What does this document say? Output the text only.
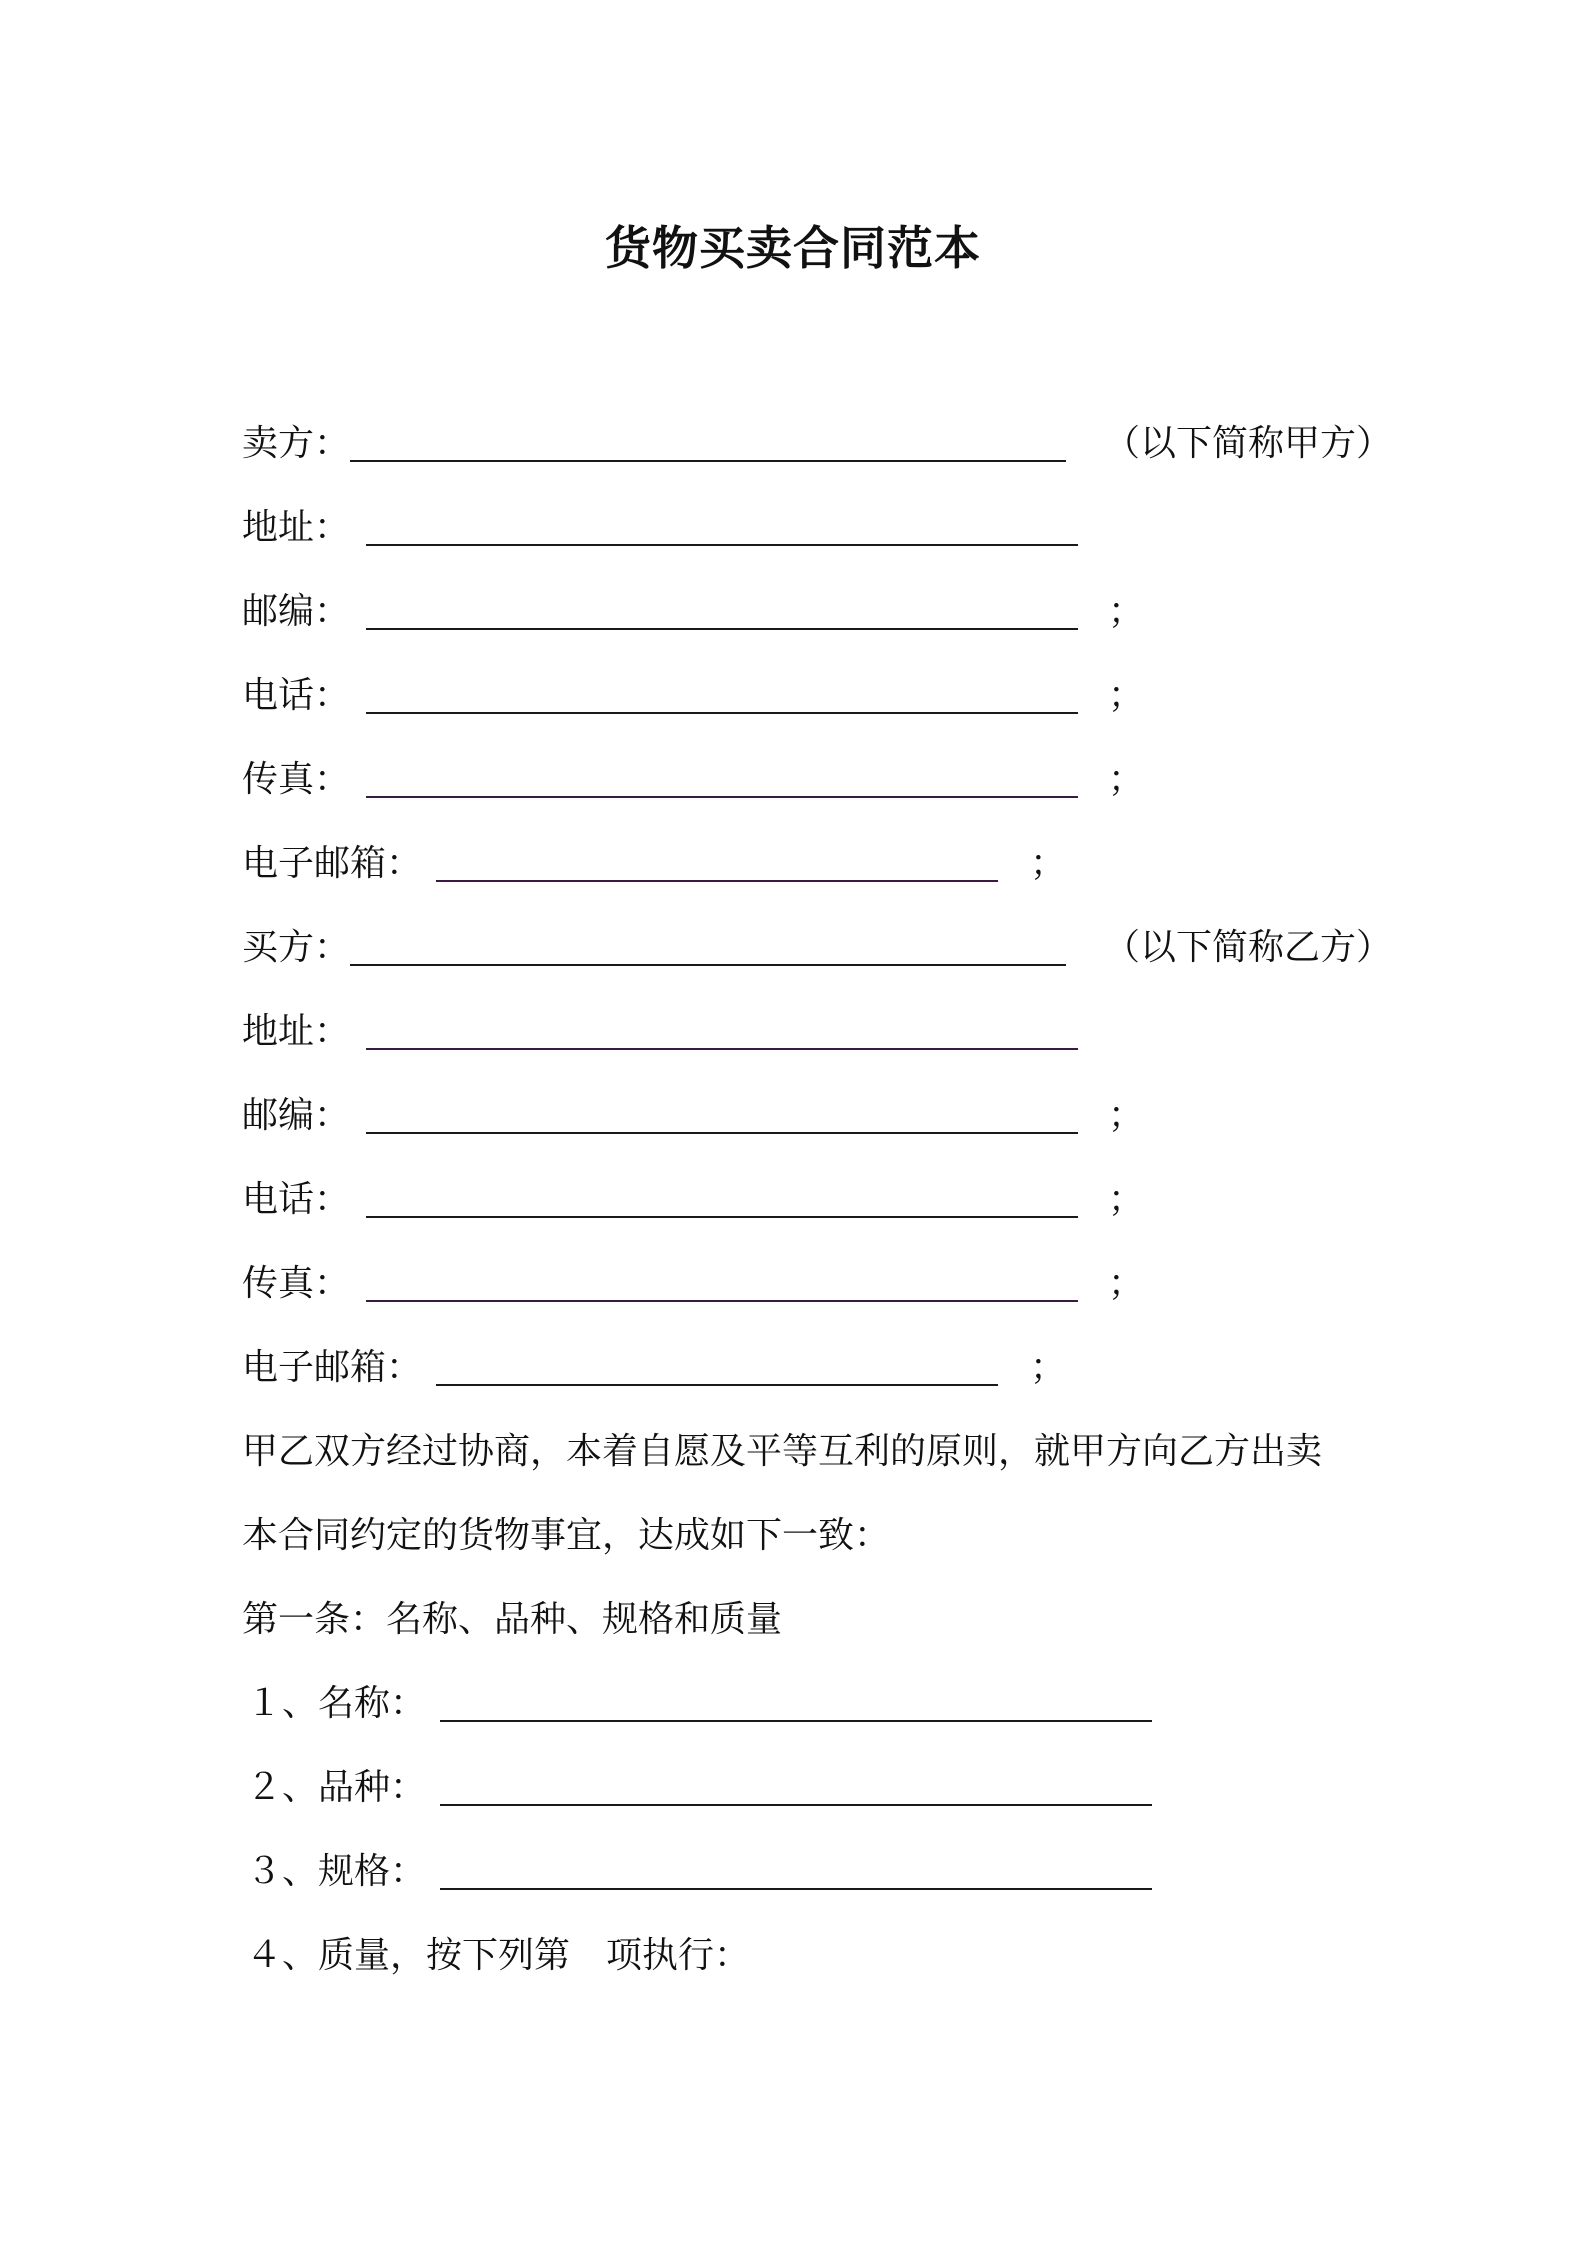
货物买卖合同范本
卖方：	（以下简称甲方）
地址：
邮编：	；
电话：	；
传真：	；
电子邮箱：	；
买方：	（以下简称乙方）
地址：
邮编：	；
电话：	；
传真：	；
电子邮箱：	；
甲乙双方经过协商，本着自愿及平等互利的原则，就甲方向乙方出卖
本合同约定的货物事宜，达成如下一致：
第一条：名称、品种、规格和质量
１、名称：
２、品种：
３、规格：
４、质量，按下列第　项执行：
